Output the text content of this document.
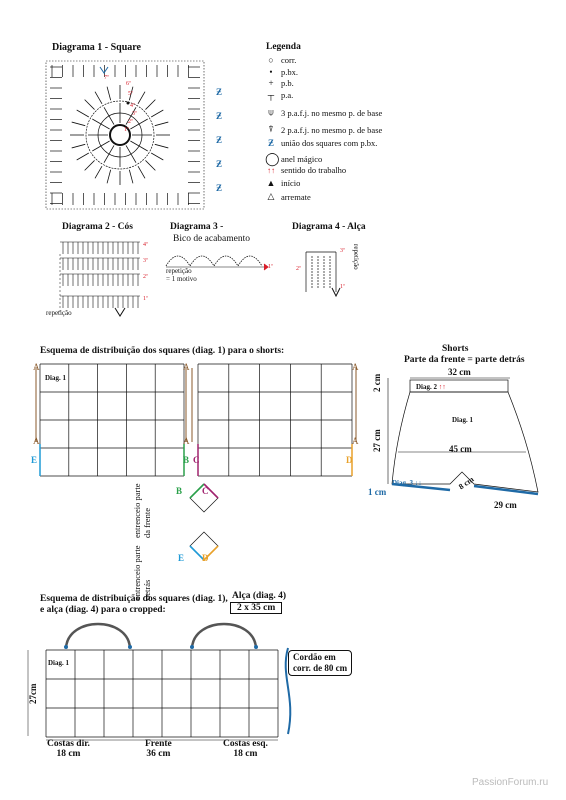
Diagrama 1 - Square
7ª
6ª
5ª
4ª
3ª
2ª
1ª
Ƶ
Ƶ
Ƶ
Ƶ
Ƶ
Legenda
○ corr.
• p.bx.
+ p.b.
┬ p.a.
⍦ 3 p.a.f.j. no mesmo p. de base
⍒ 2 p.a.f.j. no mesmo p. de base
Ƶ união dos squares com p.bx.
◯ anel mágico
↑↑ sentido do trabalho
▲ início
△ arremate
Diagrama 2 - Cós
4ª
3ª
2ª
1ª
repetição
Diagrama 3 -
Bico de acabamento
1ª
repetição
= 1 motivo
Diagrama 4 - Alça
3ª
2ª
1ª
repetição
Esquema de distribuição dos squares (diag. 1) para o shorts:
Diag. 1
A
A
A
A
A
A
E	B C	D
B C
E D
entrenceio parte da frente
entrenceio parte detrás
Shorts
Parte da frente = parte detrás
32 cm
Diag. 2 ↑↑
Diag. 1
45 cm
2 cm
27 cm
Diag. 3 ↓↓	8 cm
1 cm
29 cm
Esquema de distribuição dos squares (diag. 1),
e alça (diag. 4) para o cropped:
Alça (diag. 4)
2 x 35 cm
Diag. 1
27cm
Cordão em
corr. de 80 cm
Costas dir.
18 cm
Frente
36 cm
Costas esq.
18 cm
PassionForum.ru
